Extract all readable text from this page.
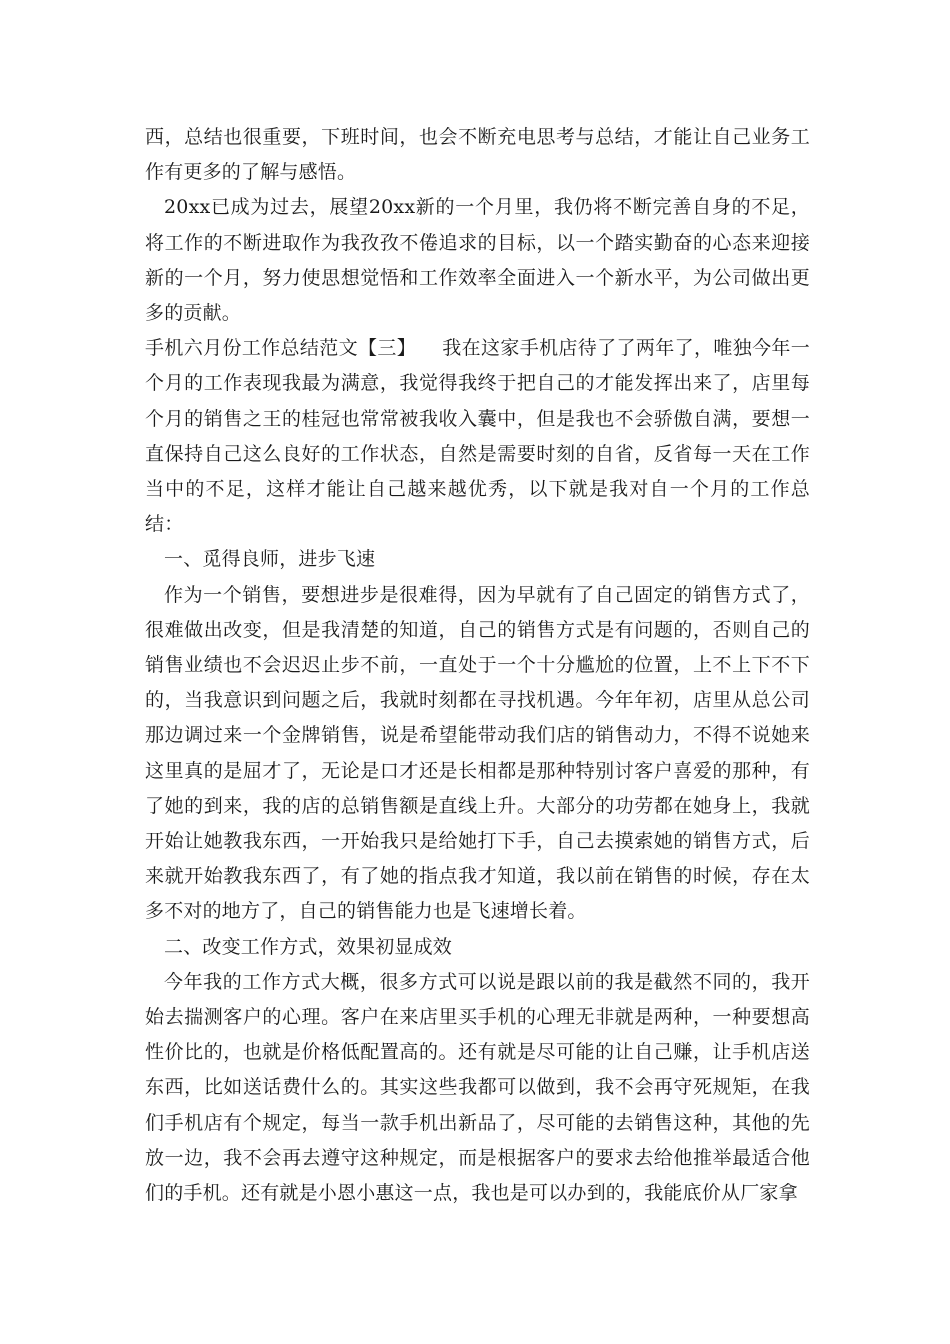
西，总结也很重要，下班时间，也会不断充电思考与总结，才能让自己业务工作有更多的了解与感悟。

20xx已成为过去，展望20xx新的一个月里，我仍将不断完善自身的不足，将工作的不断进取作为我孜孜不倦追求的目标，以一个踏实勤奋的心态来迎接新的一个月，努力使思想觉悟和工作效率全面进入一个新水平，为公司做出更多的贡献。

手机六月份工作总结范文【三】 我在这家手机店待了了两年了，唯独今年一个月的工作表现我最为满意，我觉得我终于把自己的才能发挥出来了，店里每个月的销售之王的桂冠也常常被我收入囊中，但是我也不会骄傲自满，要想一直保持自己这么良好的工作状态，自然是需要时刻的自省，反省每一天在工作当中的不足，这样才能让自己越来越优秀，以下就是我对自一个月的工作总结：

一、觅得良师，进步飞速

作为一个销售，要想进步是很难得，因为早就有了自己固定的销售方式了，很难做出改变，但是我清楚的知道，自己的销售方式是有问题的，否则自己的销售业绩也不会迟迟止步不前，一直处于一个十分尴尬的位置，上不上下不下的，当我意识到问题之后，我就时刻都在寻找机遇。今年年初，店里从总公司那边调过来一个金牌销售，说是希望能带动我们店的销售动力，不得不说她来这里真的是屈才了，无论是口才还是长相都是那种特别讨客户喜爱的那种，有了她的到来，我的店的总销售额是直线上升。大部分的功劳都在她身上，我就开始让她教我东西，一开始我只是给她打下手，自己去摸索她的销售方式，后来就开始教我东西了，有了她的指点我才知道，我以前在销售的时候，存在太多不对的地方了，自己的销售能力也是飞速增长着。

二、改变工作方式，效果初显成效

今年我的工作方式大概，很多方式可以说是跟以前的我是截然不同的，我开始去揣测客户的心理。客户在来店里买手机的心理无非就是两种，一种要想高性价比的，也就是价格低配置高的。还有就是尽可能的让自己赚，让手机店送东西，比如送话费什么的。其实这些我都可以做到，我不会再守死规矩，在我们手机店有个规定，每当一款手机出新品了，尽可能的去销售这种，其他的先放一边，我不会再去遵守这种规定，而是根据客户的要求去给他推举最适合他们的手机。还有就是小恩小惠这一点，我也是可以办到的，我能底价从厂家拿
